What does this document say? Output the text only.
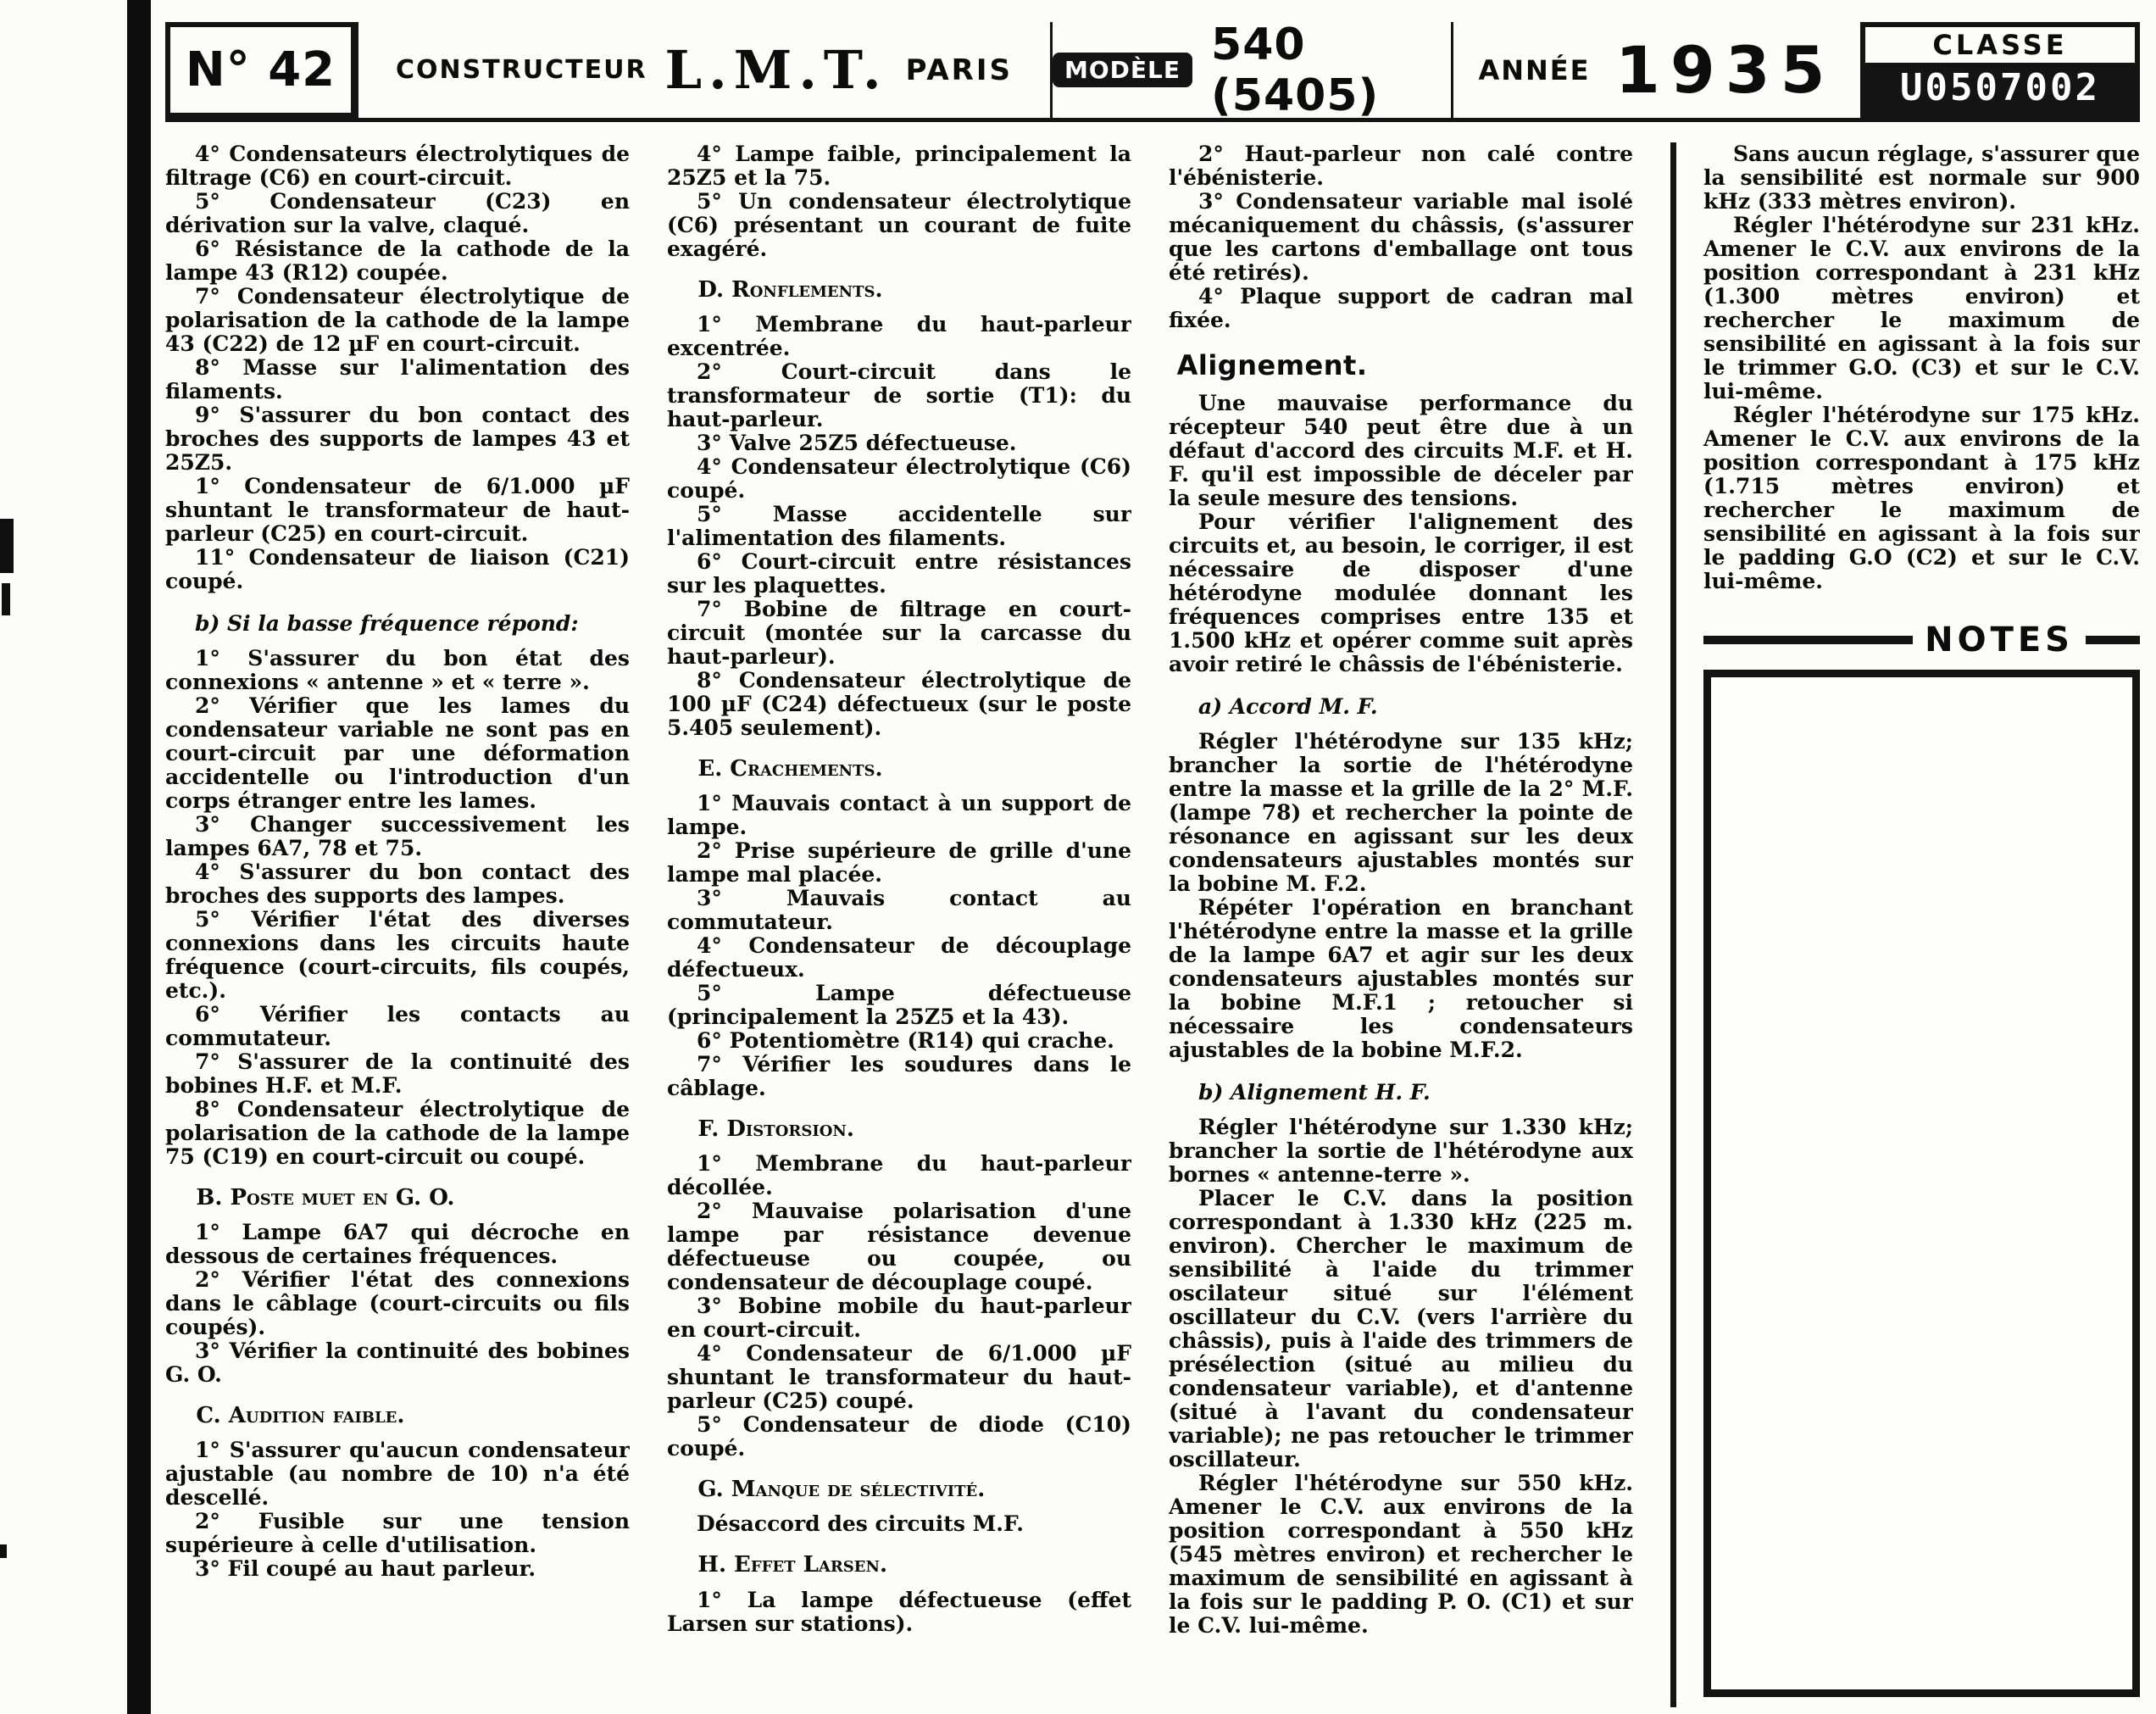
N° 42 CONSTRUCTEUR L.M.T. PARIS	MODÈLE 540 (5405)	ANNÉE 1935	CLASSE
U0507002

4° Condensateurs électrolytiques de filtrage (C6) en court-circuit.

5° Condensateur (C23) en dérivation sur la valve, claqué.

6° Résistance de la cathode de la lampe 43 (R12) coupée.

7° Condensateur électrolytique de polarisation de la cathode de la lampe 43 (C22) de 12 µF en court-circuit.

8° Masse sur l'alimentation des filaments.

9° S'assurer du bon contact des broches des supports de lampes 43 et 25Z5.

1° Condensateur de 6/1.000 µF shuntant le transformateur de haut-parleur (C25) en court-circuit.

11° Condensateur de liaison (C21) coupé.

b) Si la basse fréquence répond:

1° S'assurer du bon état des connexions « antenne » et « terre ».

2° Vérifier que les lames du condensateur variable ne sont pas en court-circuit par une déformation accidentelle ou l'introduction d'un corps étranger entre les lames.

3° Changer successivement les lampes 6A7, 78 et 75.

4° S'assurer du bon contact des broches des supports des lampes.

5° Vérifier l'état des diverses connexions dans les circuits haute fréquence (court-circuits, fils coupés, etc.).

6° Vérifier les contacts au commutateur.

7° S'assurer de la continuité des bobines H.F. et M.F.

8° Condensateur électrolytique de polarisation de la cathode de la lampe 75 (C19) en court-circuit ou coupé.

B. Poste muet en G. O.

1° Lampe 6A7 qui décroche en dessous de certaines fréquences.

2° Vérifier l'état des connexions dans le câblage (court-circuits ou fils coupés).

3° Vérifier la continuité des bobines G. O.

C. Audition faible.

1° S'assurer qu'aucun condensateur ajustable (au nombre de 10) n'a été descellé.

2° Fusible sur une tension supérieure à celle d'utilisation.

3° Fil coupé au haut parleur.

4° Lampe faible, principalement la 25Z5 et la 75.

5° Un condensateur électrolytique (C6) présentant un courant de fuite exagéré.

D. Ronflements.

1° Membrane du haut-parleur excentrée.

2° Court-circuit dans le transformateur de sortie (T1): du haut-parleur.

3° Valve 25Z5 défectueuse.

4° Condensateur électrolytique (C6) coupé.

5° Masse accidentelle sur l'alimentation des filaments.

6° Court-circuit entre résistances sur les plaquettes.

7° Bobine de filtrage en court-circuit (montée sur la carcasse du haut-parleur).

8° Condensateur électrolytique de 100 µF (C24) défectueux (sur le poste 5.405 seulement).

E. Crachements.

1° Mauvais contact à un support de lampe.

2° Prise supérieure de grille d'une lampe mal placée.

3° Mauvais contact au commutateur.

4° Condensateur de découplage défectueux.

5° Lampe défectueuse (principalement la 25Z5 et la 43).

6° Potentiomètre (R14) qui crache.

7° Vérifier les soudures dans le câblage.

F. Distorsion.

1° Membrane du haut-parleur décollée.

2° Mauvaise polarisation d'une lampe par résistance devenue défectueuse ou coupée, ou condensateur de découplage coupé.

3° Bobine mobile du haut-parleur en court-circuit.

4° Condensateur de 6/1.000 µF shuntant le transformateur du haut-parleur (C25) coupé.

5° Condensateur de diode (C10) coupé.

G. Manque de sélectivité.

Désaccord des circuits M.F.

H. Effet Larsen.

1° La lampe défectueuse (effet Larsen sur stations).

2° Haut-parleur non calé contre l'ébénisterie.

3° Condensateur variable mal isolé mécaniquement du châssis, (s'assurer que les cartons d'emballage ont tous été retirés).

4° Plaque support de cadran mal fixée.

Alignement.

Une mauvaise performance du récepteur 540 peut être due à un défaut d'accord des circuits M.F. et H. F. qu'il est impossible de déceler par la seule mesure des tensions.

Pour vérifier l'alignement des circuits et, au besoin, le corriger, il est nécessaire de disposer d'une hétérodyne modulée donnant les fréquences comprises entre 135 et 1.500 kHz et opérer comme suit après avoir retiré le châssis de l'ébénisterie.

a) Accord M. F.

Régler l'hétérodyne sur 135 kHz; brancher la sortie de l'hétérodyne entre la masse et la grille de la 2° M.F. (lampe 78) et rechercher la pointe de résonance en agissant sur les deux condensateurs ajustables montés sur la bobine M. F.2.

Répéter l'opération en branchant l'hétérodyne entre la masse et la grille de la lampe 6A7 et agir sur les deux condensateurs ajustables montés sur la bobine M.F.1 ; retoucher si nécessaire les condensateurs ajustables de la bobine M.F.2.

b) Alignement H. F.

Régler l'hétérodyne sur 1.330 kHz; brancher la sortie de l'hétérodyne aux bornes « antenne-terre ».

Placer le C.V. dans la position correspondant à 1.330 kHz (225 m. environ). Chercher le maximum de sensibilité à l'aide du trimmer oscilateur situé sur l'élément oscillateur du C.V. (vers l'arrière du châssis), puis à l'aide des trimmers de présélection (situé au milieu du condensateur variable), et d'antenne (situé à l'avant du condensateur variable); ne pas retoucher le trimmer oscillateur.

Régler l'hétérodyne sur 550 kHz. Amener le C.V. aux environs de la position correspondant à 550 kHz (545 mètres environ) et rechercher le maximum de sensibilité en agissant à la fois sur le padding P. O. (C1) et sur le C.V. lui-même.

Sans aucun réglage, s'assurer que la sensibilité est normale sur 900 kHz (333 mètres environ).

Régler l'hétérodyne sur 231 kHz. Amener le C.V. aux environs de la position correspondant à 231 kHz (1.300 mètres environ) et rechercher le maximum de sensibilité en agissant à la fois sur le trimmer G.O. (C3) et sur le C.V. lui-même.

Régler l'hétérodyne sur 175 kHz. Amener le C.V. aux environs de la position correspondant à 175 kHz (1.715 mètres environ) et rechercher le maximum de sensibilité en agissant à la fois sur le padding G.O (C2) et sur le C.V. lui-même.

NOTES
